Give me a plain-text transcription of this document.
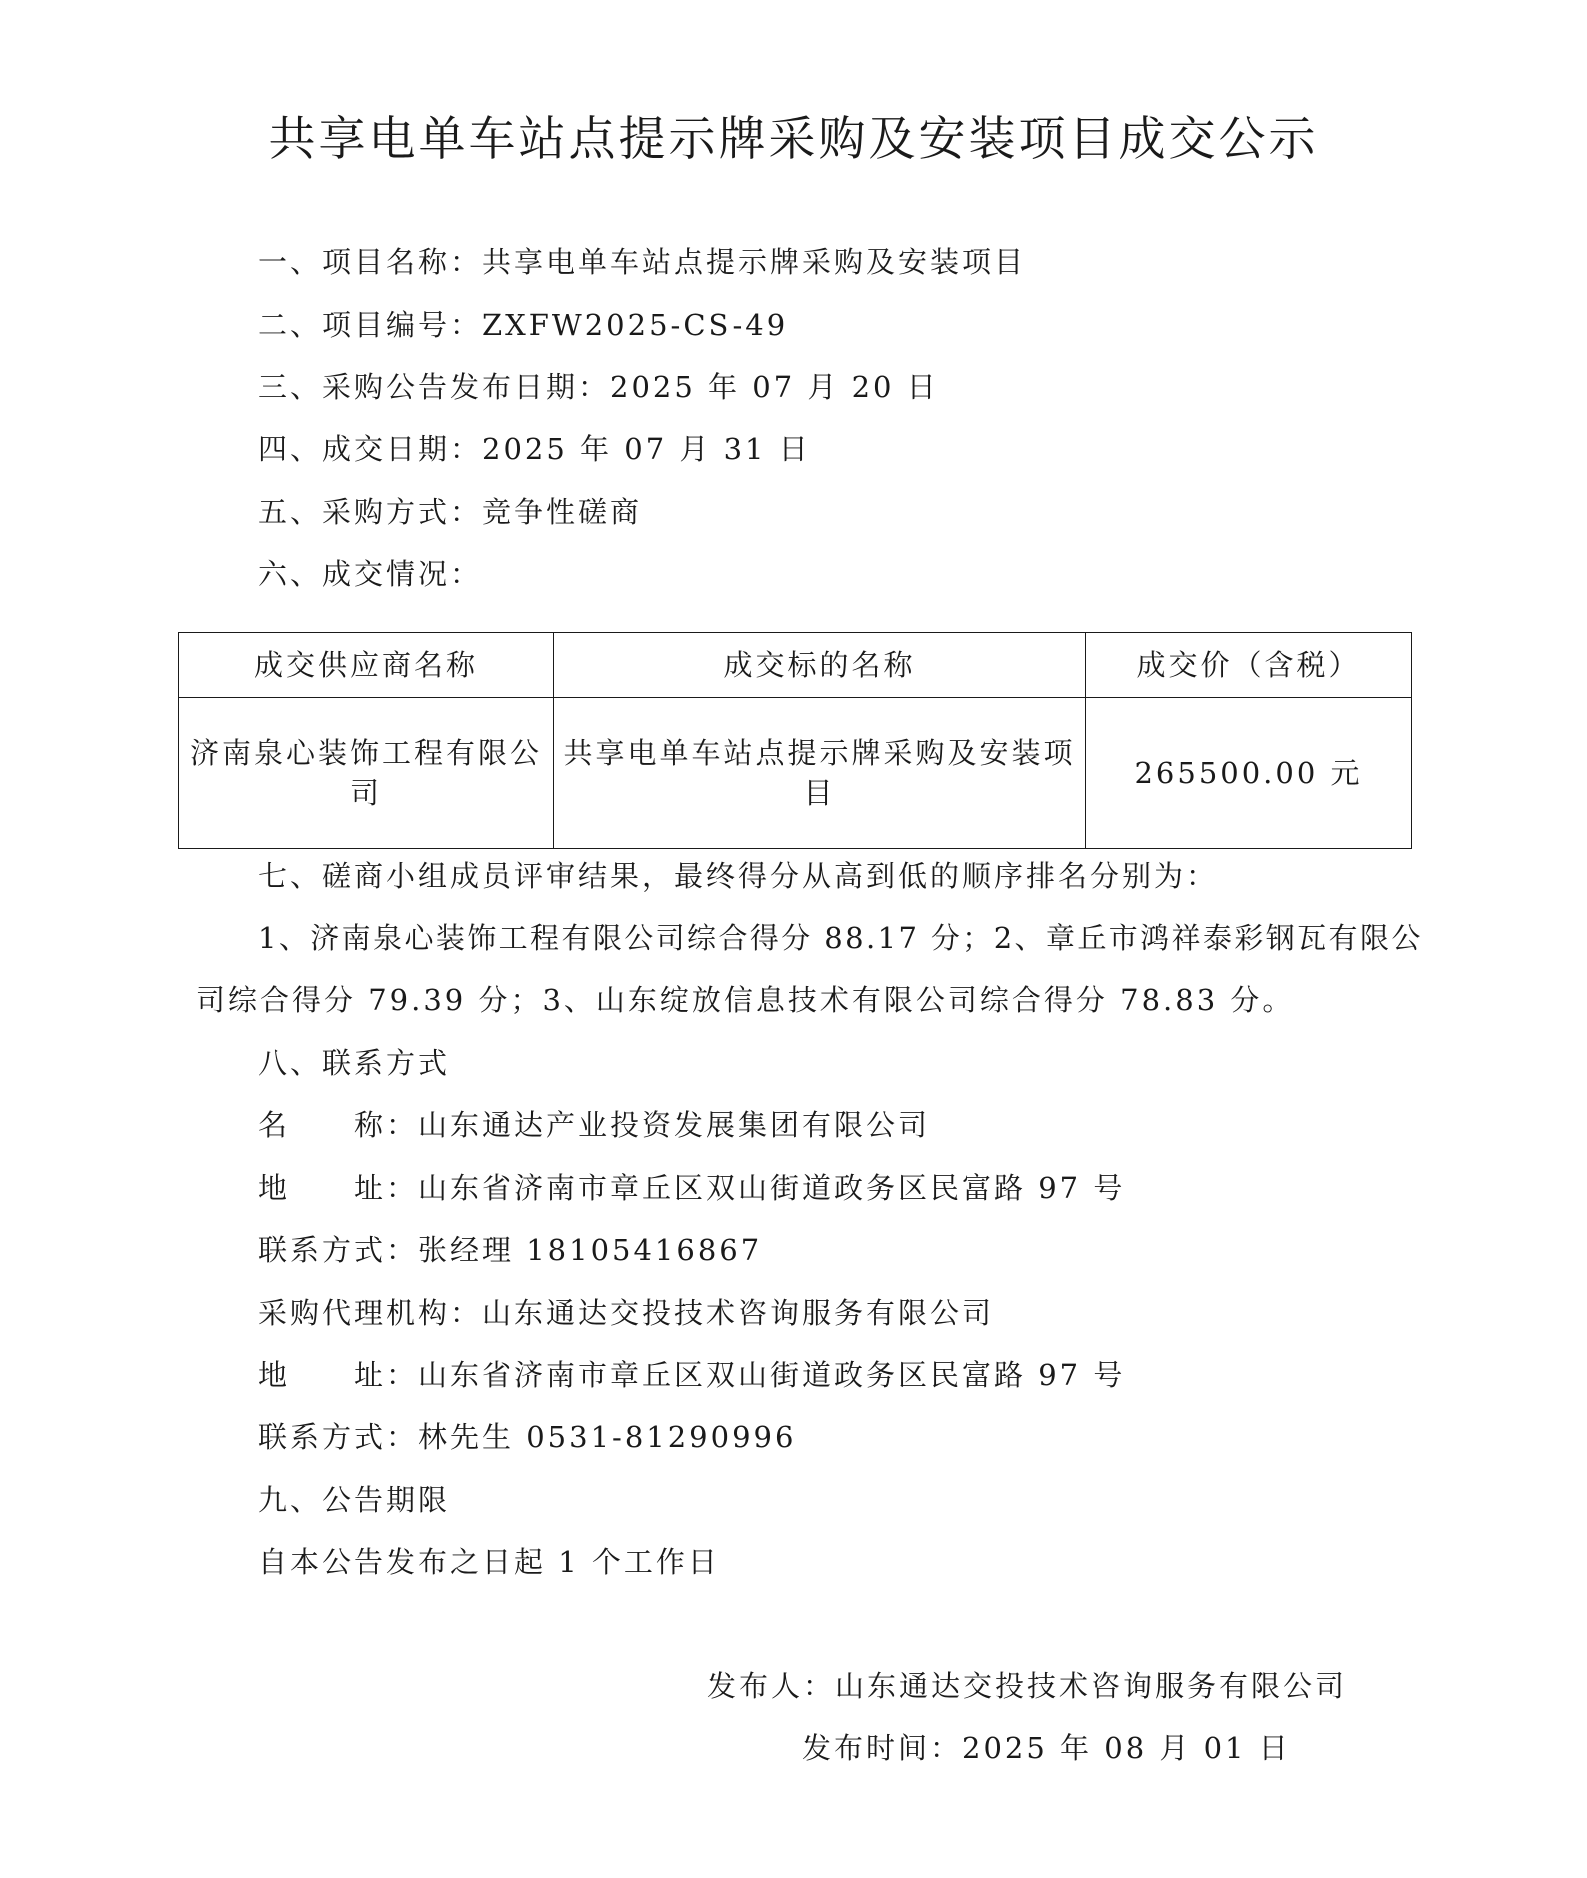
共享电单车站点提示牌采购及安装项目成交公示
一、项目名称：共享电单车站点提示牌采购及安装项目
二、项目编号：ZXFW2025-CS-49
三、采购公告发布日期：2025 年 07 月 20 日
四、成交日期：2025 年 07 月 31 日
五、采购方式：竞争性磋商
六、成交情况：
成交供应商名称	成交标的名称	成交价（含税）
济南泉心装饰工程有限公司	共享电单车站点提示牌采购及安装项目	265500.00 元
七、磋商小组成员评审结果，最终得分从高到低的顺序排名分别为：
1、济南泉心装饰工程有限公司综合得分 88.17 分；2、章丘市鸿祥泰彩钢瓦有限公
司综合得分 79.39 分；3、山东绽放信息技术有限公司综合得分 78.83 分。
八、联系方式
名　　称：山东通达产业投资发展集团有限公司
地　　址：山东省济南市章丘区双山街道政务区民富路 97 号
联系方式：张经理 18105416867
采购代理机构：山东通达交投技术咨询服务有限公司
地　　址：山东省济南市章丘区双山街道政务区民富路 97 号
联系方式：林先生 0531-81290996
九、公告期限
自本公告发布之日起 1 个工作日
发布人：山东通达交投技术咨询服务有限公司
发布时间：2025 年 08 月 01 日
